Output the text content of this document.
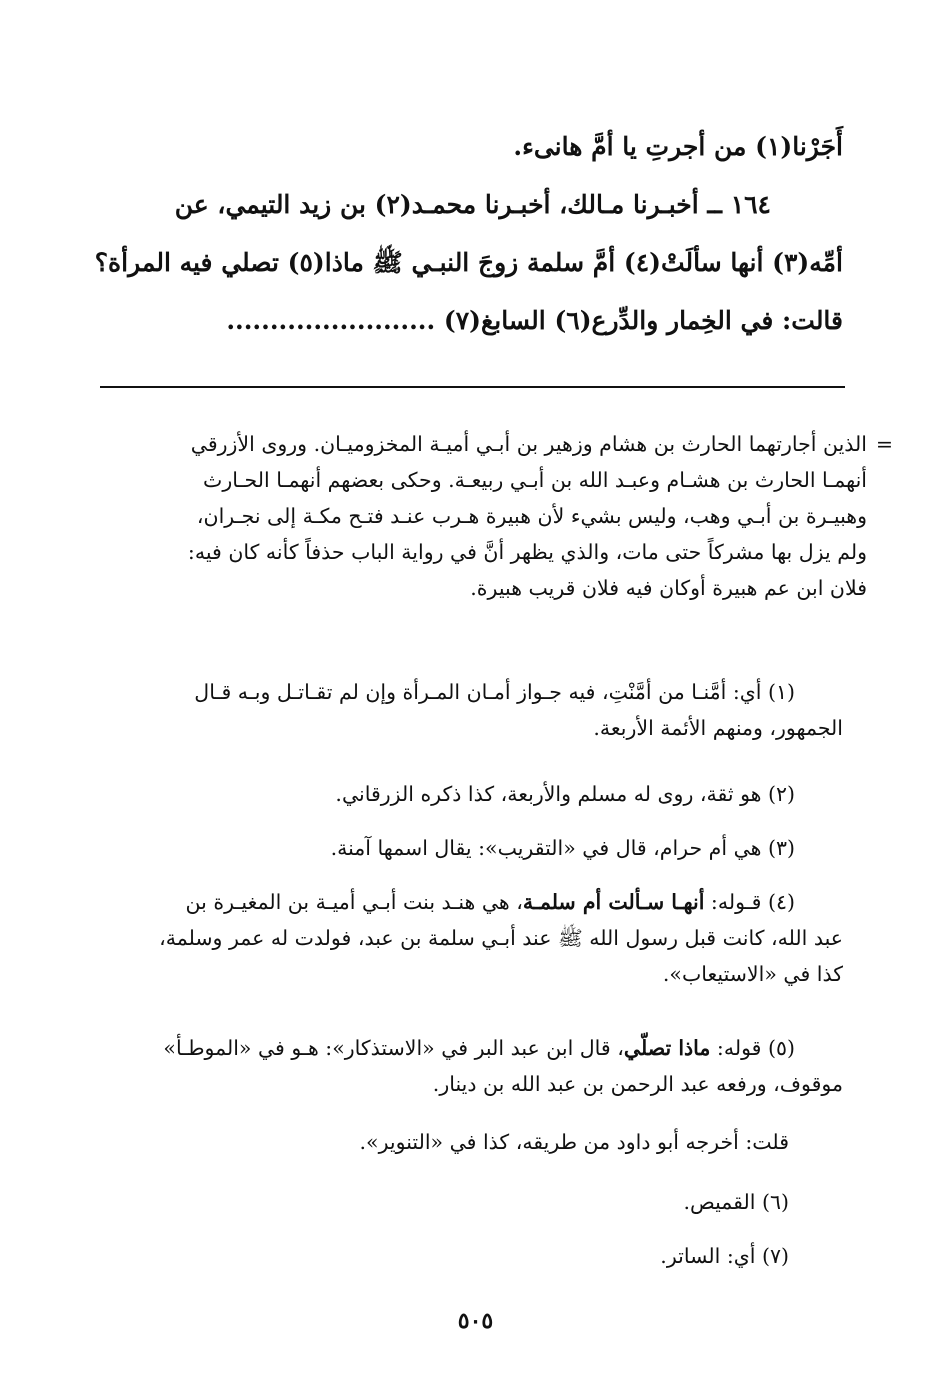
أَجَرْنا(١) من أجرتِ يا أمَّ هانىء.
١٦٤ ــ أخبـرنا مـالك، أخبـرنا محمـد(٢) بن زيد التيمي، عن
أمِّه(٣) أنها سألَتْ(٤) أمَّ سلمة زوجَ النبـي ﷺ ماذا(٥) تصلي فيه المرأة؟
قالت: في الخِمار والدِّرع(٦) السابغ(٧) ........................
=
الذين أجارتهما الحارث بن هشام وزهير بن أبـي أميـة المخزوميـان. وروى الأزرقي
أنهمـا الحارث بن هشـام وعبـد الله بن أبـي ربيعـة. وحكى بعضهم أنهمـا الحـارث
وهبيـرة بن أبـي وهب، وليس بشيء لأن هبيرة هـرب عنـد فتـح مكـة إلى نجـران،
ولم يزل بها مشركاً حتى مات، والذي يظهر أنَّ في رواية الباب حذفاً كأنه كان فيه:
فلان ابن عم هبيرة أوكان فيه فلان قريب هبيرة.
(١) أي: أمَّنـا من أمَّنْتِ، فيه جـواز أمـان المـرأة وإن لم تقـاتـل وبـه قـال
الجمهور، ومنهم الأئمة الأربعة.
(٢) هو ثقة، روى له مسلم والأربعة، كذا ذكره الزرقاني.
(٣) هي أم حرام، قال في «التقريب»: يقال اسمها آمنة.
(٤) قـوله: أنهـا سـألت أم سلمـة، هي هنـد بنت أبـي أميـة بن المغيـرة بن
عبد الله، كانت قبل رسول الله ﷺ عند أبـي سلمة بن عبد، فولدت له عمر وسلمة،
كذا في «الاستيعاب».
(٥) قوله: ماذا تصلّي، قال ابن عبد البر في «الاستذكار»: هـو في «الموطـأ»
موقوف، ورفعه عبد الرحمن بن عبد الله بن دينار.
قلت: أخرجه أبو داود من طريقه، كذا في «التنوير».
(٦) القميص.
(٧) أي: الساتر.
٥٠٥
